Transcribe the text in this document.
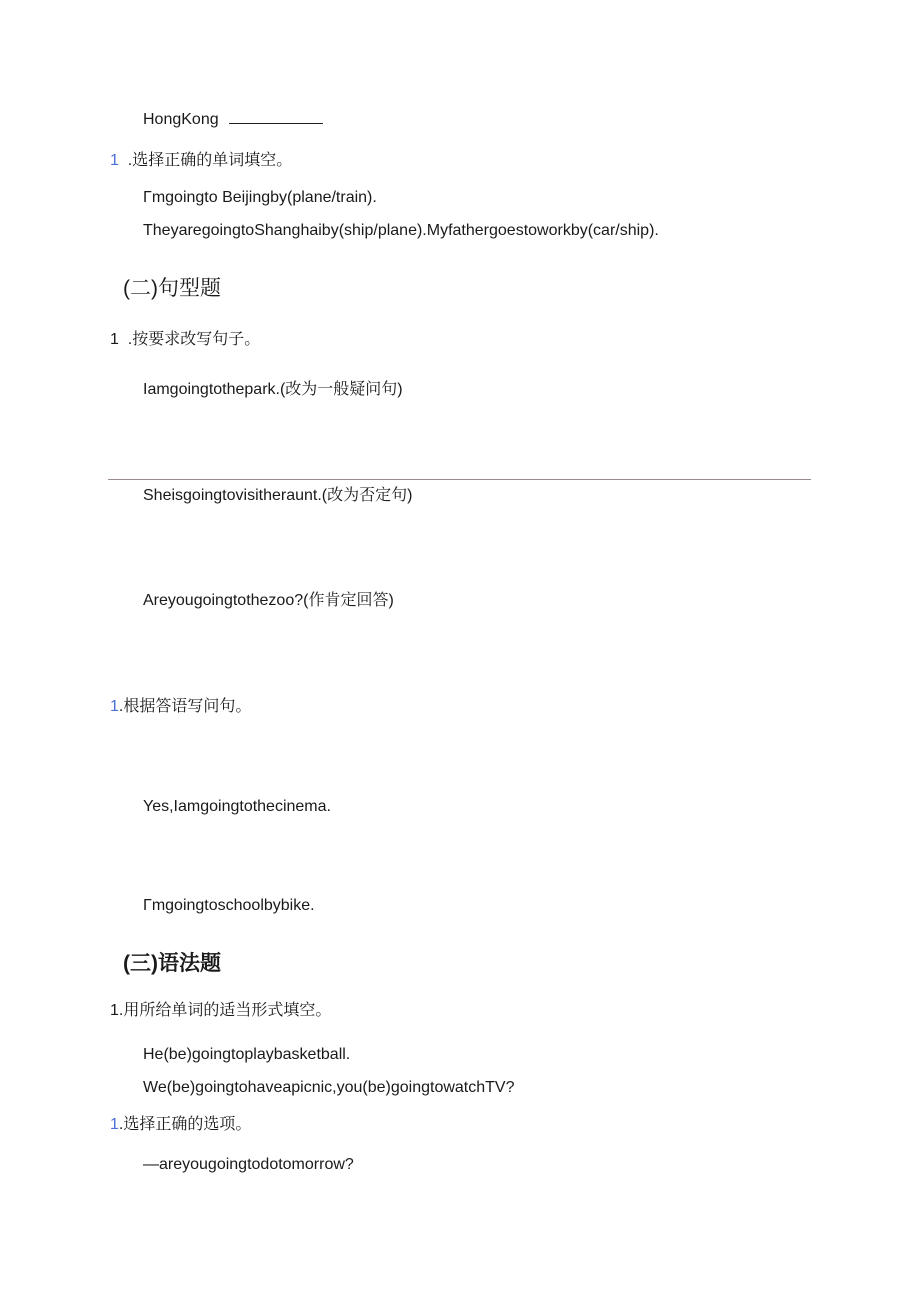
HongKong
1 .选择正确的单词填空。
Γmgoingto Beijingby(plane/train).
TheyaregoingtoShanghaiby(ship/plane).Myfathergoestoworkby(car/ship).
(二)句型题
1 .按要求改写句子。
Iamgoingtothepark.(改为一般疑问句)
Sheisgoingtovisitheraunt.(改为否定句)
Areyougoingtothezoo?(作肯定回答)
1.根据答语写问句。
Yes,Iamgoingtothecinema.
Γmgoingtoschoolbybike.
(三)语法题
1.用所给单词的适当形式填空。
He(be)goingtoplaybasketball.
We(be)goingtohaveapicnic,you(be)goingtowatchTV?
1.选择正确的选项。
—areyougoingtodotomorrow?
